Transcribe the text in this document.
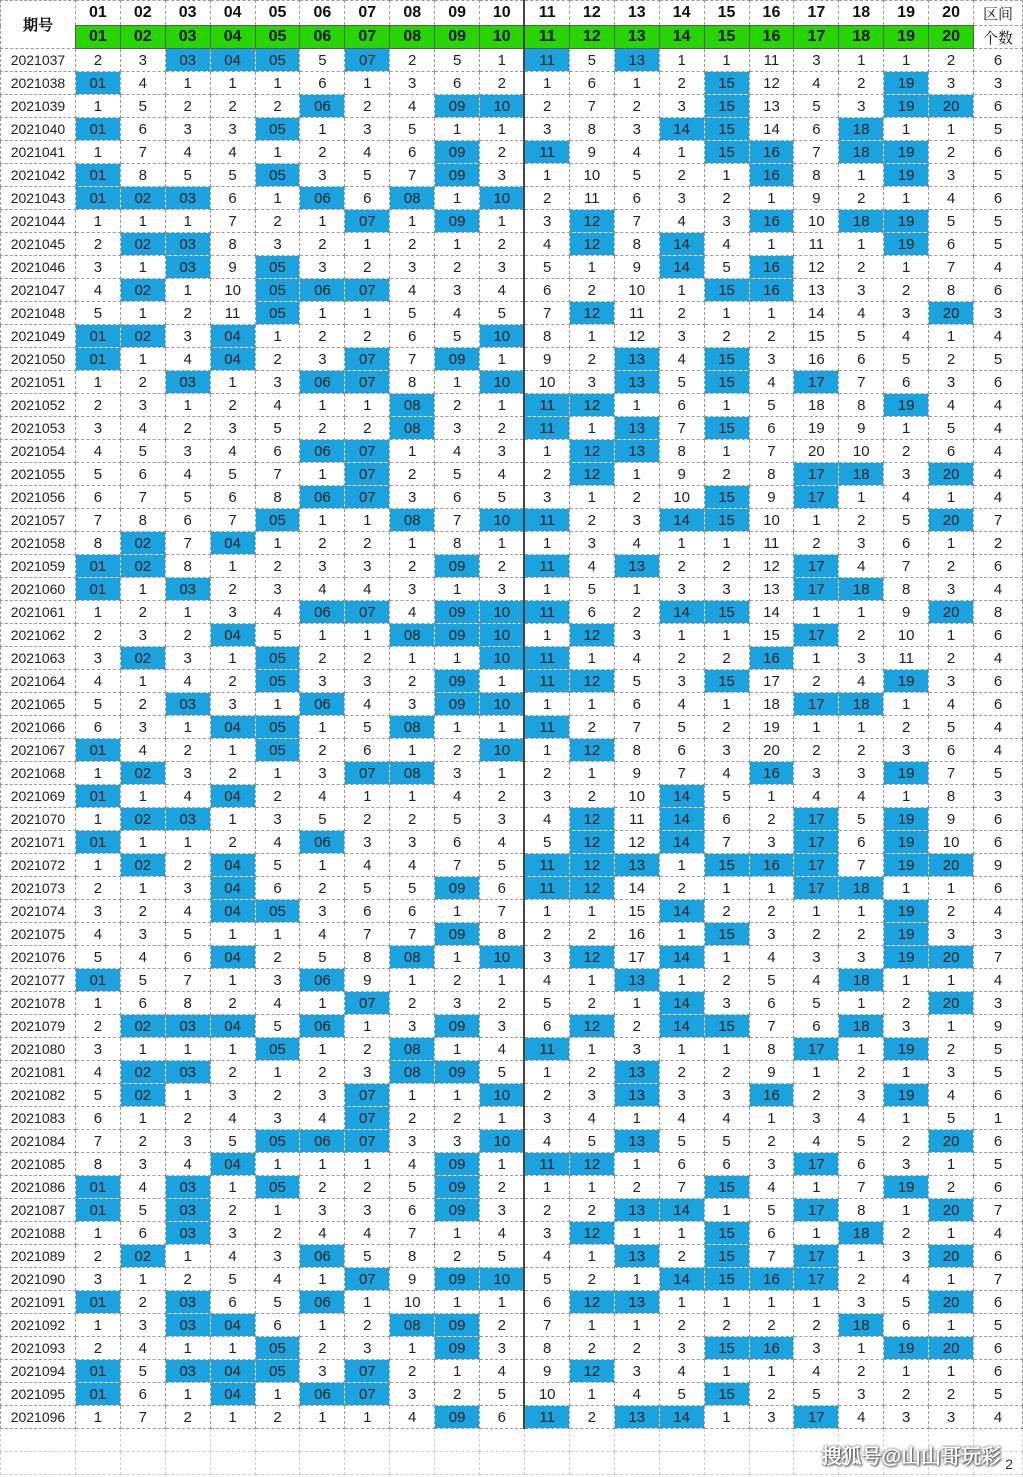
期号	01	02	03	04	05	06	07	08	09	10	11	12	13	14	15	16	17	18	19	20	区间
	01	02	03	04	05	06	07	08	09	10	11	12	13	14	15	16	17	18	19	20	个数
2021037	2	3	03	04	05	5	07	2	5	1	11	5	13	1	1	11	3	1	1	2	6
2021038	01	4	1	1	1	6	1	3	6	2	1	6	1	2	15	12	4	2	19	3	3
2021039	1	5	2	2	2	06	2	4	09	10	2	7	2	3	15	13	5	3	19	20	6
2021040	01	6	3	3	05	1	3	5	1	1	3	8	3	14	15	14	6	18	1	1	5
2021041	1	7	4	4	1	2	4	6	09	2	11	9	4	1	15	16	7	18	19	2	6
2021042	01	8	5	5	05	3	5	7	09	3	1	10	5	2	1	16	8	1	19	3	5
2021043	01	02	03	6	1	06	6	08	1	10	2	11	6	3	2	1	9	2	1	4	6
2021044	1	1	1	7	2	1	07	1	09	1	3	12	7	4	3	16	10	18	19	5	5
2021045	2	02	03	8	3	2	1	2	1	2	4	12	8	14	4	1	11	1	19	6	5
2021046	3	1	03	9	05	3	2	3	2	3	5	1	9	14	5	16	12	2	1	7	4
2021047	4	02	1	10	05	06	07	4	3	4	6	2	10	1	15	16	13	3	2	8	6
2021048	5	1	2	11	05	1	1	5	4	5	7	12	11	2	1	1	14	4	3	20	3
2021049	01	02	3	04	1	2	2	6	5	10	8	1	12	3	2	2	15	5	4	1	4
2021050	01	1	4	04	2	3	07	7	09	1	9	2	13	4	15	3	16	6	5	2	5
2021051	1	2	03	1	3	06	07	8	1	10	10	3	13	5	15	4	17	7	6	3	6
2021052	2	3	1	2	4	1	1	08	2	1	11	12	1	6	1	5	18	8	19	4	4
2021053	3	4	2	3	5	2	2	08	3	2	11	1	13	7	15	6	19	9	1	5	4
2021054	4	5	3	4	6	06	07	1	4	3	1	12	13	8	1	7	20	10	2	6	4
2021055	5	6	4	5	7	1	07	2	5	4	2	12	1	9	2	8	17	18	3	20	4
2021056	6	7	5	6	8	06	07	3	6	5	3	1	2	10	15	9	17	1	4	1	4
2021057	7	8	6	7	05	1	1	08	7	10	11	2	3	14	15	10	1	2	5	20	7
2021058	8	02	7	04	1	2	2	1	8	1	1	3	4	1	1	11	2	3	6	1	2
2021059	01	02	8	1	2	3	3	2	09	2	11	4	13	2	2	12	17	4	7	2	6
2021060	01	1	03	2	3	4	4	3	1	3	1	5	1	3	3	13	17	18	8	3	4
2021061	1	2	1	3	4	06	07	4	09	10	11	6	2	14	15	14	1	1	9	20	8
2021062	2	3	2	04	5	1	1	08	09	10	1	12	3	1	1	15	17	2	10	1	6
2021063	3	02	3	1	05	2	2	1	1	10	11	1	4	2	2	16	1	3	11	2	4
2021064	4	1	4	2	05	3	3	2	09	1	11	12	5	3	15	17	2	4	19	3	6
2021065	5	2	03	3	1	06	4	3	09	10	1	1	6	4	1	18	17	18	1	4	6
2021066	6	3	1	04	05	1	5	08	1	1	11	2	7	5	2	19	1	1	2	5	4
2021067	01	4	2	1	05	2	6	1	2	10	1	12	8	6	3	20	2	2	3	6	4
2021068	1	02	3	2	1	3	07	08	3	1	2	1	9	7	4	16	3	3	19	7	5
2021069	01	1	4	04	2	4	1	1	4	2	3	2	10	14	5	1	4	4	1	8	3
2021070	1	02	03	1	3	5	2	2	5	3	4	12	11	14	6	2	17	5	19	9	6
2021071	01	1	1	2	4	06	3	3	6	4	5	12	12	14	7	3	17	6	19	10	6
2021072	1	02	2	04	5	1	4	4	7	5	11	12	13	1	15	16	17	7	19	20	9
2021073	2	1	3	04	6	2	5	5	09	6	11	12	14	2	1	1	17	18	1	1	6
2021074	3	2	4	04	05	3	6	6	1	7	1	1	15	14	2	2	1	1	19	2	4
2021075	4	3	5	1	1	4	7	7	09	8	2	2	16	1	15	3	2	2	19	3	3
2021076	5	4	6	04	2	5	8	08	1	10	3	12	17	14	1	4	3	3	19	20	7
2021077	01	5	7	1	3	06	9	1	2	1	4	1	13	1	2	5	4	18	1	1	4
2021078	1	6	8	2	4	1	07	2	3	2	5	2	1	14	3	6	5	1	2	20	3
2021079	2	02	03	04	5	06	1	3	09	3	6	12	2	14	15	7	6	18	3	1	9
2021080	3	1	1	1	05	1	2	08	1	4	11	1	3	1	1	8	17	1	19	2	5
2021081	4	02	03	2	1	2	3	08	09	5	1	2	13	2	2	9	1	2	1	3	5
2021082	5	02	1	3	2	3	07	1	1	10	2	3	13	3	3	16	2	3	19	4	6
2021083	6	1	2	4	3	4	07	2	2	1	3	4	1	4	4	1	3	4	1	5	1
2021084	7	2	3	5	05	06	07	3	3	10	4	5	13	5	5	2	4	5	2	20	6
2021085	8	3	4	04	1	1	1	4	09	1	11	12	1	6	6	3	17	6	3	1	5
2021086	01	4	03	1	05	2	2	5	09	2	1	1	2	7	15	4	1	7	19	2	6
2021087	01	5	03	2	1	3	3	6	09	3	2	2	13	14	1	5	17	8	1	20	7
2021088	1	6	03	3	2	4	4	7	1	4	3	12	1	1	15	6	1	18	2	1	4
2021089	2	02	1	4	3	06	5	8	2	5	4	1	13	2	15	7	17	1	3	20	6
2021090	3	1	2	5	4	1	07	9	09	10	5	2	1	14	15	16	17	2	4	1	7
2021091	01	2	03	6	5	06	1	10	1	1	6	12	13	1	1	1	1	3	5	20	6
2021092	1	3	03	04	6	1	2	08	09	2	7	1	1	2	2	2	2	18	6	1	5
2021093	2	4	1	1	05	2	3	1	09	3	8	2	2	3	15	16	3	1	19	20	6
2021094	01	5	03	04	05	3	07	2	1	4	9	12	3	4	1	1	4	2	1	1	6
2021095	01	6	1	04	1	06	07	3	2	5	10	1	4	5	15	2	5	3	2	2	5
2021096	1	7	2	1	2	1	1	4	09	6	11	2	13	14	1	3	17	4	3	3	4

搜狐号@山山哥玩彩 2
